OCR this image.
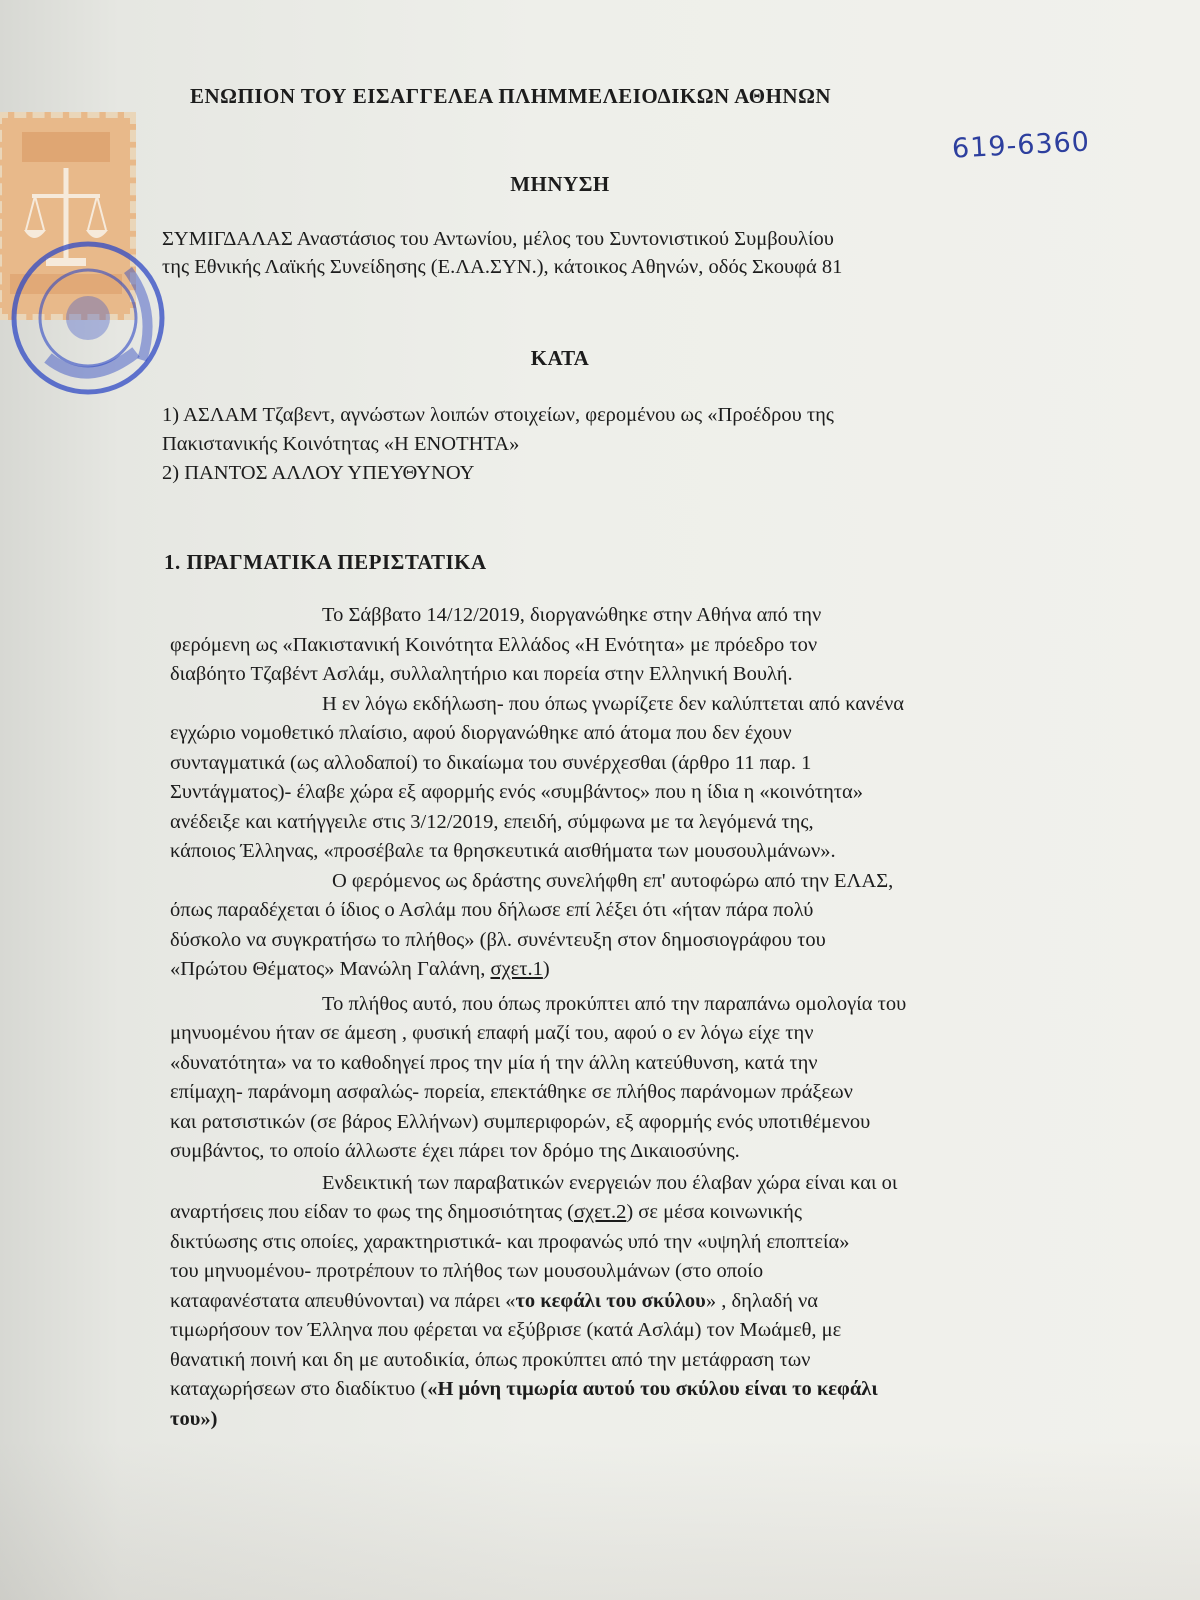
ΕΝΩΠΙΟΝ ΤΟΥ ΕΙΣΑΓΓΕΛΕΑ ΠΛΗΜΜΕΛΕΙΟΔΙΚΩΝ ΑΘΗΝΩΝ
619-6360
ΜΗΝΥΣΗ
ΣΥΜΙΓΔΑΛΑΣ Αναστάσιος του Αντωνίου, μέλος του Συντονιστικού Συμβουλίου
της Εθνικής Λαϊκής Συνείδησης (Ε.ΛΑ.ΣΥΝ.), κάτοικος Αθηνών, οδός Σκουφά 81
ΚΑΤΑ
1) ΑΣΛΑΜ Τζαβεντ, αγνώστων λοιπών στοιχείων, φερομένου ως «Προέδρου της
Πακιστανικής Κοινότητας «Η ΕΝΟΤΗΤΑ»
2) ΠΑΝΤΟΣ ΑΛΛΟΥ ΥΠΕΥΘΥΝΟΥ
1. ΠΡΑΓΜΑΤΙΚΑ ΠΕΡΙΣΤΑΤΙΚΑ
Το Σάββατο 14/12/2019, διοργανώθηκε στην Αθήνα από την
φερόμενη ως «Πακιστανική Κοινότητα Ελλάδος «Η Ενότητα» με πρόεδρο τον
διαβόητο Τζαβέντ Ασλάμ, συλλαλητήριο και πορεία στην Ελληνική Βουλή.
Η εν λόγω εκδήλωση- που όπως γνωρίζετε δεν καλύπτεται από κανένα
εγχώριο νομοθετικό πλαίσιο, αφού διοργανώθηκε από άτομα που δεν έχουν
συνταγματικά (ως αλλοδαποί) το δικαίωμα του συνέρχεσθαι (άρθρο 11 παρ. 1
Συντάγματος)- έλαβε χώρα εξ αφορμής ενός «συμβάντος» που η ίδια η «κοινότητα»
ανέδειξε και κατήγγειλε στις 3/12/2019, επειδή, σύμφωνα με τα λεγόμενά της,
κάποιος Έλληνας, «προσέβαλε τα θρησκευτικά αισθήματα των μουσουλμάνων».
Ο φερόμενος ως δράστης συνελήφθη επ' αυτοφώρω από την ΕΛΑΣ,
όπως παραδέχεται ό ίδιος ο Ασλάμ που δήλωσε επί λέξει ότι «ήταν πάρα πολύ
δύσκολο να συγκρατήσω το πλήθος» (βλ. συνέντευξη στον δημοσιογράφου του
«Πρώτου Θέματος» Μανώλη Γαλάνη, σχετ.1)
Το πλήθος αυτό, που όπως προκύπτει από την παραπάνω ομολογία του
μηνυομένου ήταν σε άμεση , φυσική επαφή μαζί του, αφού ο εν λόγω είχε την
«δυνατότητα» να το καθοδηγεί προς την μία ή την άλλη κατεύθυνση, κατά την
επίμαχη- παράνομη ασφαλώς- πορεία, επεκτάθηκε σε πλήθος παράνομων πράξεων
και ρατσιστικών (σε βάρος Ελλήνων) συμπεριφορών, εξ αφορμής ενός υποτιθέμενου
συμβάντος, το οποίο άλλωστε έχει πάρει τον δρόμο της Δικαιοσύνης.
Ενδεικτική των παραβατικών ενεργειών που έλαβαν χώρα είναι και οι
αναρτήσεις που είδαν το φως της δημοσιότητας (σχετ.2) σε μέσα κοινωνικής
δικτύωσης στις οποίες, χαρακτηριστικά- και προφανώς υπό την «υψηλή εποπτεία»
του μηνυομένου- προτρέπουν το πλήθος των μουσουλμάνων (στο οποίο
καταφανέστατα απευθύνονται) να πάρει «το κεφάλι του σκύλου» , δηλαδή να
τιμωρήσουν τον Έλληνα που φέρεται να εξύβρισε (κατά Ασλάμ) τον Μωάμεθ, με
θανατική ποινή και δη με αυτοδικία, όπως προκύπτει από την μετάφραση των
καταχωρήσεων στο διαδίκτυο («Η μόνη τιμωρία αυτού του σκύλου είναι το κεφάλι
του»)
